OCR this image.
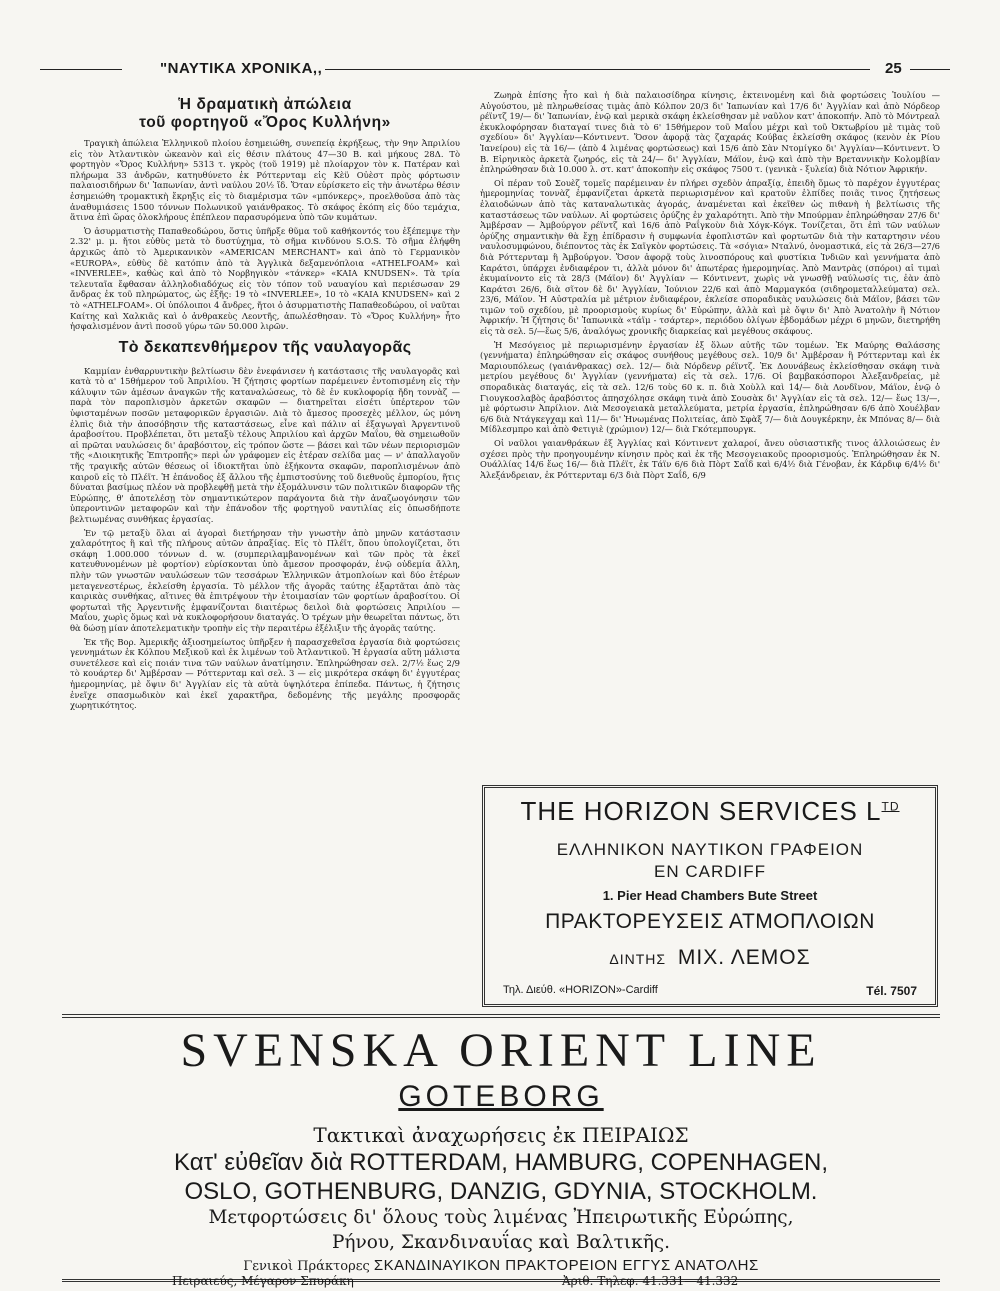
"ΝΑΥΤΙΚΑ ΧΡΟΝΙΚΑ,,	25
Ἡ δραματικὴ ἀπώλεια
τοῦ φορτηγοῦ «Ὄρος Κυλλήνη»

Τραγικὴ ἀπώλεια Ἑλληνικοῦ πλοίου ἐσημειώθη, συνεπείᾳ ἐκρήξεως, τὴν 9ην Ἀπριλίου εἰς τὸν Ἀτλαντικὸν ὠκεανὸν καὶ εἰς θέσιν πλάτους 47—30 Β. καὶ μήκους 28Δ. Τὸ φορτηγὸν «Ὄρος Κυλλήνη» 5313 τ. γκρὸς (τοῦ 1919) μὲ πλοίαρχον τὸν κ. Πατέραν καὶ πλήρωμα 33 ἀνδρῶν, κατηυθύνετο ἐκ Ρόττερνταμ εἰς Κὲϋ Οὐὲστ πρὸς φόρτωσιν παλαιοσιδήρων δι' Ἰαπωνίαν, ἀντὶ ναύλου 20½ ἴδ. Ὅταν εὑρίσκετο εἰς τὴν ἀνωτέρω θέσιν ἐσημειώθη τρομακτικὴ ἔκρηξις εἰς τὸ διαμέρισμα τῶν «μπόνκερς», προελθοῦσα ἀπὸ τὰς ἀναθυμιάσεις 1500 τόννων Πολωνικοῦ γαιάνθρακος. Τὸ σκάφος ἐκόπη εἰς δύο τεμάχια, ἅτινα ἐπὶ ὥρας ὁλοκλήρους ἐπέπλεον παρασυρόμενα ὑπὸ τῶν κυμάτων.

Ὁ ἀσυρματιστὴς Παπαθεοδώρου, ὅστις ὑπῆρξε θῦμα τοῦ καθήκοντός του ἐξέπεμψε τὴν 2.32' μ. μ. ἤτοι εὐθὺς μετὰ τὸ δυστύχημα, τὸ σῆμα κινδύνου S.O.S. Τὸ σῆμα ἐλήφθη ἀρχικῶς ἀπὸ τὸ Ἀμερικανικὸν «AMERICAN MERCHANT» καὶ ἀπὸ τὸ Γερμανικὸν «EUROPA», εὐθὺς δὲ κατόπιν ἀπὸ τὰ Ἀγγλικὰ δεξαμενόπλοια «ATHELFOAM» καὶ «INVERLEE», καθὼς καὶ ἀπὸ τὸ Νορβηγικὸν «τάνκερ» «KAIA KNUDSEN». Τὰ τρία τελευταῖα ἔφθασαν ἀλληλοδιαδόχως εἰς τὸν τόπον τοῦ ναυαγίου καὶ περιέσωσαν 29 ἄνδρας ἐκ τοῦ πληρώματος, ὡς ἑξῆς: 19 τὸ «INVERLEE», 10 τὸ «KAIA KNUDSEN» καὶ 2 τὸ «ATHELFOAM». Οἱ ὑπόλοιποι 4 ἄνδρες, ἤτοι ὁ ἀσυρματιστὴς Παπαθεοδώρου, οἱ ναῦται Καίτης καὶ Χαλκιᾶς καὶ ὁ ἀνθρακεὺς Λεοντῆς, ἀπωλέσθησαν. Τὸ «Ὄρος Κυλλήνη» ἦτο ἠσφαλισμένον ἀντὶ ποσοῦ γύρω τῶν 50.000 λιρῶν.

Τὸ δεκαπενθήμερον τῆς ναυλαγορᾶς

Καμμίαν ἐνθαρρυντικὴν βελτίωσιν δὲν ἐνεφάνισεν ἡ κατάστασις τῆς ναυλαγορᾶς καὶ κατὰ τὸ α' 15θήμερον τοῦ Ἀπριλίου. Ἡ ζήτησις φορτίων παρέμεινεν ἐντοπισμένη εἰς τὴν κάλυψιν τῶν ἀμέσων ἀναγκῶν τῆς καταναλώσεως, τὸ δὲ ἐν κυκλοφορίᾳ ἤδη τοννὰζ — παρὰ τὸν παροπλισμὸν ἀρκετῶν σκαφῶν — διατηρεῖται εἰσέτι ὑπέρτερον τῶν ὑφισταμένων ποσῶν μεταφορικῶν ἐργασιῶν. Διὰ τὸ ἄμεσος προσεχὲς μέλλον, ὡς μόνη ἐλπὶς διὰ τὴν ἀποσόβησιν τῆς καταστάσεως, εἶνε καὶ πάλιν αἱ ἐξαγωγαὶ Ἀργεντινοῦ ἀραβοσίτου. Προβλέπεται, ὅτι μεταξὺ τέλους Ἀπριλίου καὶ ἀρχῶν Μαΐου, θὰ σημειωθοῦν αἱ πρῶται ναυλώσεις δι' ἀραβόσιτον, εἰς τρόπον ὥστε — βάσει καὶ τῶν νέων περιορισμῶν τῆς «Διοικητικῆς Ἐπιτροπῆς» περὶ ὧν γράφομεν εἰς ἑτέραν σελίδα μας — ν' ἀπαλλαγοῦν τῆς τραγικῆς αὐτῶν θέσεως οἱ ἰδιοκτῆται ὑπὸ ἑξήκοντα σκαφῶν, παροπλισμένων ἀπὸ καιροῦ εἰς τὸ Πλέϊτ. Ἡ ἐπάνοδος ἐξ ἄλλου τῆς ἐμπιστοσύνης τοῦ διεθνοῦς ἐμπορίου, ἥτις δύναται βασίμως πλέον νὰ προβλεφθῇ μετὰ τὴν ἐξομάλυνσιν τῶν πολιτικῶν διαφορῶν τῆς Εὐρώπης, θ' ἀποτελέσῃ τὸν σημαντικώτερον παράγοντα διὰ τὴν ἀναζωογόνησιν τῶν ὑπεροντινῶν μεταφορῶν καὶ τὴν ἐπάνοδον τῆς φορτηγοῦ ναυτιλίας εἰς ὁπωσδήποτε βελτιωμένας συνθήκας ἐργασίας.

Ἐν τῷ μεταξὺ ὅλαι αἱ ἀγοραὶ διετήρησαν τὴν γνωστὴν ἀπὸ μηνῶν κατάστασιν χαλαρότητος ἢ καὶ τῆς πλήρους αὐτῶν ἀπραξίας. Εἰς τὸ Πλέϊτ, ὅπου ὑπολογίζεται, ὅτι σκάφη 1.000.000 τόννων d. w. (συμπεριλαμβανομένων καὶ τῶν πρὸς τὰ ἐκεῖ κατευθυνομένων μὲ φορτίον) εὑρίσκονται ὑπὸ ἄμεσον προσφοράν, ἐνῷ οὐδεμία ἄλλη, πλὴν τῶν γνωστῶν ναυλώσεων τῶν τεσσάρων Ἑλληνικῶν ἀτμοπλοίων καὶ δύο ἑτέρων μεταγενεστέρως, ἐκλείσθη ἐργασία. Τὸ μέλλον τῆς ἀγορᾶς ταύτης ἐξαρτᾶται ἀπὸ τὰς καιρικὰς συνθήκας, αἵτινες θὰ ἐπιτρέψουν τὴν ἑτοιμασίαν τῶν φορτίων ἀραβοσίτου. Οἱ φορτωταὶ τῆς Ἀργεντινῆς ἐμφανίζονται διαιτέρως δειλοὶ διὰ φορτώσεις Ἀπριλίου — Μαΐου, χωρὶς ὅμως καὶ νὰ κυκλοφορήσουν διαταγάς. Ὁ τρέχων μὴν θεωρεῖται πάντως, ὅτι θὰ δώσῃ μίαν ἀποτελεματικὴν τροπὴν εἰς τὴν περαιτέρω ἐξέλιξιν τῆς ἀγορᾶς ταύτης.

Ἐκ τῆς Βορ. Ἀμερικῆς ἀξιοσημείωτος ὑπῆρξεν ἡ παρασχεθεῖσα ἐργασία διὰ φορτώσεις γεννημάτων ἐκ Κόλπου Μεξικοῦ καὶ ἐκ λιμένων τοῦ Ἀτλαντικοῦ. Ἡ ἐργασία αὕτη μάλιστα συνετέλεσε καὶ εἰς ποιάν τινα τῶν ναύλων ἀνατίμησιν. Ἐπληρώθησαν σελ. 2/7½ ἕως 2/9 τὸ κουάρτερ δι' Ἀμβέρσαν — Ρόττερνταμ καὶ σελ. 3 — εἰς μικρότερα σκάφη δι' ἐγγυτέρας ἡμερομηνίας, μὲ ὄψιν δι' Ἀγγλίαν εἰς τὰ αὐτὰ ὑψηλότερα ἐπίπεδα. Πάντως, ἡ ζήτησις ἐνεῖχε σπασμωδικὸν καὶ ἐκεῖ χαρακτῆρα, δεδομένης τῆς μεγάλης προσφορᾶς χωρητικότητος.

Ζωηρὰ ἐπίσης ἦτο καὶ ἡ διὰ παλαιοσίδηρα κίνησις, ἐκτεινομένη καὶ διὰ φορτώσεις Ἰουλίου — Αὐγούστου, μὲ πληρωθείσας τιμὰς ἀπὸ Κόλπον 20/3 δι' Ἰαπωνίαν καὶ 17/6 δι' Ἀγγλίαν καὶ ἀπὸ Νόρδεορ ρέϊντζ 19/— δι' Ἰαπωνίαν, ἐνῷ καὶ μερικὰ σκάφη ἐκλείσθησαν μὲ ναῦλον κατ' ἀποκοπήν. Ἀπὸ τὸ Μόντρεαλ ἐκυκλοφόρησαν διαταγαί τινες διὰ τὸ 6' 15θήμερον τοῦ Μαΐου μέχρι καὶ τοῦ Ὀκτωβρίου μὲ τιμὰς τοῦ σχεδίου» δι' Ἀγγλίαν—Κόντινεντ. Ὅσον ἀφορᾷ τὰς ζαχαράς Κούβας ἐκλείσθη σκάφος (κενὸν ἐκ Ρίου Ἰανείρου) εἰς τὰ 16/— (ἀπὸ 4 λιμένας φορτώσεως) καὶ 15/6 ἀπὸ Σὰν Ντομίγκο δι' Ἀγγλίαν—Κόντινεντ. Ὁ Β. Εἰρηνικὸς ἀρκετὰ ζωηρός, εἰς τὰ 24/— δι' Ἀγγλίαν, Μάϊον, ἐνῷ καὶ ἀπὸ τὴν Βρεταννικὴν Κολομβίαν ἐπληρώθησαν διὰ 10.000 λ. στ. κατ' ἀποκοπὴν εἰς σκάφος 7500 τ. (γενικὰ - ξυλεία) διὰ Νότιον Ἀφρικήν.

Οἱ πέραν τοῦ Σουὲζ τομεῖς παρέμειναν ἐν πλήρει σχεδὸν ἀπραξίᾳ, ἐπειδὴ ὅμως τὸ παρέχον ἐγγυτέρας ἡμερομηνίας τοννὰζ ἐμφανίζεται ἀρκετὰ περιωρισμένον καὶ κρατοῦν ἐλπίδες ποιᾶς τινος ζητήσεως ἐλαιοδώνων ἀπὸ τὰς καταναλωτικὰς ἀγοράς, ἀναμένεται καὶ ἐκεῖθεν ὡς πιθανὴ ἡ βελτίωσις τῆς καταστάσεως τῶν ναύλων. Αἱ φορτώσεις ὀρύζης ἐν χαλαρότητι. Ἀπὸ τὴν Μπούρμαν ἐπληρώθησαν 27/6 δι' Ἀμβέρσαν — Ἀμβούργον ρέϊντζ καὶ 16/6 ἀπὸ Ραΐγκοὺν διὰ Χόγκ-Κόγκ. Τονίζεται, ὅτι ἐπὶ τῶν ναύλων ὀρύζης σημαντικὴν θὰ ἔχῃ ἐπίδρασιν ἡ συμφωνία ἐφοπλιστῶν καὶ φορτωτῶν διὰ τὴν καταρτησιν νέου ναυλοσυμφώνου, διέποντος τὰς ἐκ Σαϊγκὸν φορτώσεις. Τὰ «σόγια» Νταλνύ, ὀνομαστικά, εἰς τὰ 26/3—27/6 διὰ Ρόττερνταμ ἢ Ἀμβούργον. Ὅσον ἀφορᾷ τοὺς λινοσπόρους καὶ φυστίκια Ἰνδιῶν καὶ γεννήματα ἀπὸ Καράτσι, ὑπάρχει ἐνδιαφέρον τι, ἀλλὰ μόνον δι' ἀπωτέρας ἡμερομηνίας. Ἀπὸ Μαντρὰς (σπόροι) αἱ τιμαὶ ἐκυμαίνοντο εἰς τὰ 28/3 (Μάϊον) δι' Ἀγγλίαν — Κόντινεντ, χωρὶς νὰ γνωσθῇ ναύλωσίς τις, ἐὰν ἀπὸ Καράτσι 26/6, διὰ σῖτον δὲ δι' Ἀγγλίαν, Ἰούνιον 22/6 καὶ ἀπὸ Μαρμαγκόα (σιδηρομεταλλεύματα) σελ. 23/6, Μάϊον. Ἡ Αὐστραλία μὲ μέτριον ἐνδιαφέρον, ἐκλείσε σποραδικὰς ναυλώσεις διὰ Μάϊον, βάσει τῶν τιμῶν τοῦ σχεδίου, μὲ προορισμοὺς κυρίως δι' Εὐρώπην, ἀλλὰ καὶ μὲ ὄψιν δι' Ἀπὸ Ἀνατολὴν ἢ Νότιον Ἀφρικήν. Ἡ ζήτησις δι' Ἰαπωνικὰ «τάϊμ - τσάρτερ», περιόδου ὀλίγων ἑβδομάδων μέχρι 6 μηνῶν, διετηρήθη εἰς τὰ σελ. 5/—ἕως 5/6, ἀναλόγως χρονικῆς διαρκείας καὶ μεγέθους σκάφους.

Ἡ Μεσόγειος μὲ περιωρισμένην ἐργασίαν ἐξ ὅλων αὐτῆς τῶν τομέων. Ἐκ Μαύρης Θαλάσσης (γεννήματα) ἐπληρώθησαν εἰς σκάφος συνήθους μεγέθους σελ. 10/9 δι' Ἀμβέρσαν ἢ Ρόττερνταμ καὶ ἐκ Μαριουπόλεως (γαιάνθρακας) σελ. 12/— διὰ Νόρδενρ ρέϊντζ. Ἐκ Δουνάβεως ἐκλείσθησαν σκάφη τινὰ μετρίου μεγέθους δι' Ἀγγλίαν (γεννήματα) εἰς τὰ σελ. 17/6. Οἱ βαμβακόσποροι Ἀλεξανδρείας, μὲ σποραδικὰς διαταγάς, εἰς τὰ σελ. 12/6 τοὺς 60 κ. π. διὰ Χοὺλλ καὶ 14/— διὰ Λονδῖνον, Μάϊον, ἐνῷ ὁ Γιουγκοσλαβὸς ἀραβόσιτος ἀπησχόλησε σκάφη τινὰ ἀπὸ Σουσὰκ δι' Ἀγγλίαν εἰς τὰ σελ. 12/— ἕως 13/—, μὲ φόρτωσιν Ἀπρίλιον. Διὰ Μεσογειακὰ μεταλλεύματα, μετρία ἐργασία, ἐπληρώθησαν 6/6 ἀπὸ Χουέλβαν 6/6 διὰ Ντάγκεγχαμ καὶ 11/— δι' Ἡνωμένας Πολιτείας, ἀπὸ Σφὰξ 7/— διὰ Δουγκέρκην, ἐκ Μπόνας 8/— διὰ Μίδλεσμπρο καὶ ἀπὸ Φετιγιὲ (χρώμιον) 12/— διὰ Γκότεμπουργκ.

Οἱ ναῦλοι γαιανθράκων ἐξ Ἀγγλίας καὶ Κόντινεντ χαλαροί, ἄνευ οὐσιαστικῆς τινος ἀλλοιώσεως ἐν σχέσει πρὸς τὴν προηγουμένην κίνησιν πρὸς καὶ ἐκ τῆς Μεσογειακοῦς προορισμούς. Ἐπληρώθησαν ἐκ Ν. Ουάλλίας 14/6 ἕως 16/— διὰ Πλέϊτ, ἐκ Τάϊν 6/6 διὰ Πὸρτ Σαΐδ καὶ 6/4½ διὰ Γένοβαν, ἐκ Κάρδιφ 6/4½ δι' Ἀλεξάνδρειαν, ἐκ Ρόττερνταμ 6/3 διὰ Πὸρτ Σαΐδ, 6/9

THE HORIZON SERVICES $L^{TD}$
ΕΛΛΗΝΙΚΟΝ ΝΑΥΤΙΚΟΝ ΓΡΑΦΕΙΟΝ
EN CARDIFF
1. Pier Head Chambers Bute Street
ΠΡΑΚΤΟΡΕΥΣΕΙΣ ΑΤΜΟΠΛΟΙΩΝ
ΔΙΝΤΗΣ ΜΙΧ. ΛΕΜΟΣ
Τηλ. Διεύθ. «HORIZON»-Cardiff	Tél. 7507
SVENSKA ORIENT LINE
GOTEBORG
Τακτικαὶ ἀναχωρήσεις ἐκ ΠΕΙΡΑΙΩΣ
Κατ' εὐθεῖαν διὰ ROTTERDAM, HAMBURG, COPENHAGEN,
OSLO, GOTHENBURG, DANZIG, GDYNIA, STOCKHOLM.
Μετφορτώσεις δι' ὅλους τοὺς λιμένας Ἠπειρωτικῆς Εὐρώπης,
Ρήνου, Σκανδιναυΐας καὶ Βαλτικῆς.
Γενικοὶ Πράκτορες ΣΚΑΝΔΙΝΑΥΙΚΟΝ ΠΡΑΚΤΟΡΕΙΟΝ ΕΓΓΥΣ ΑΝΑΤΟΛΗΣ
Πειραιεύς, Μέγαρον Σπυράκη	Ἀριθ. Τηλεφ. 41.331—41.332
